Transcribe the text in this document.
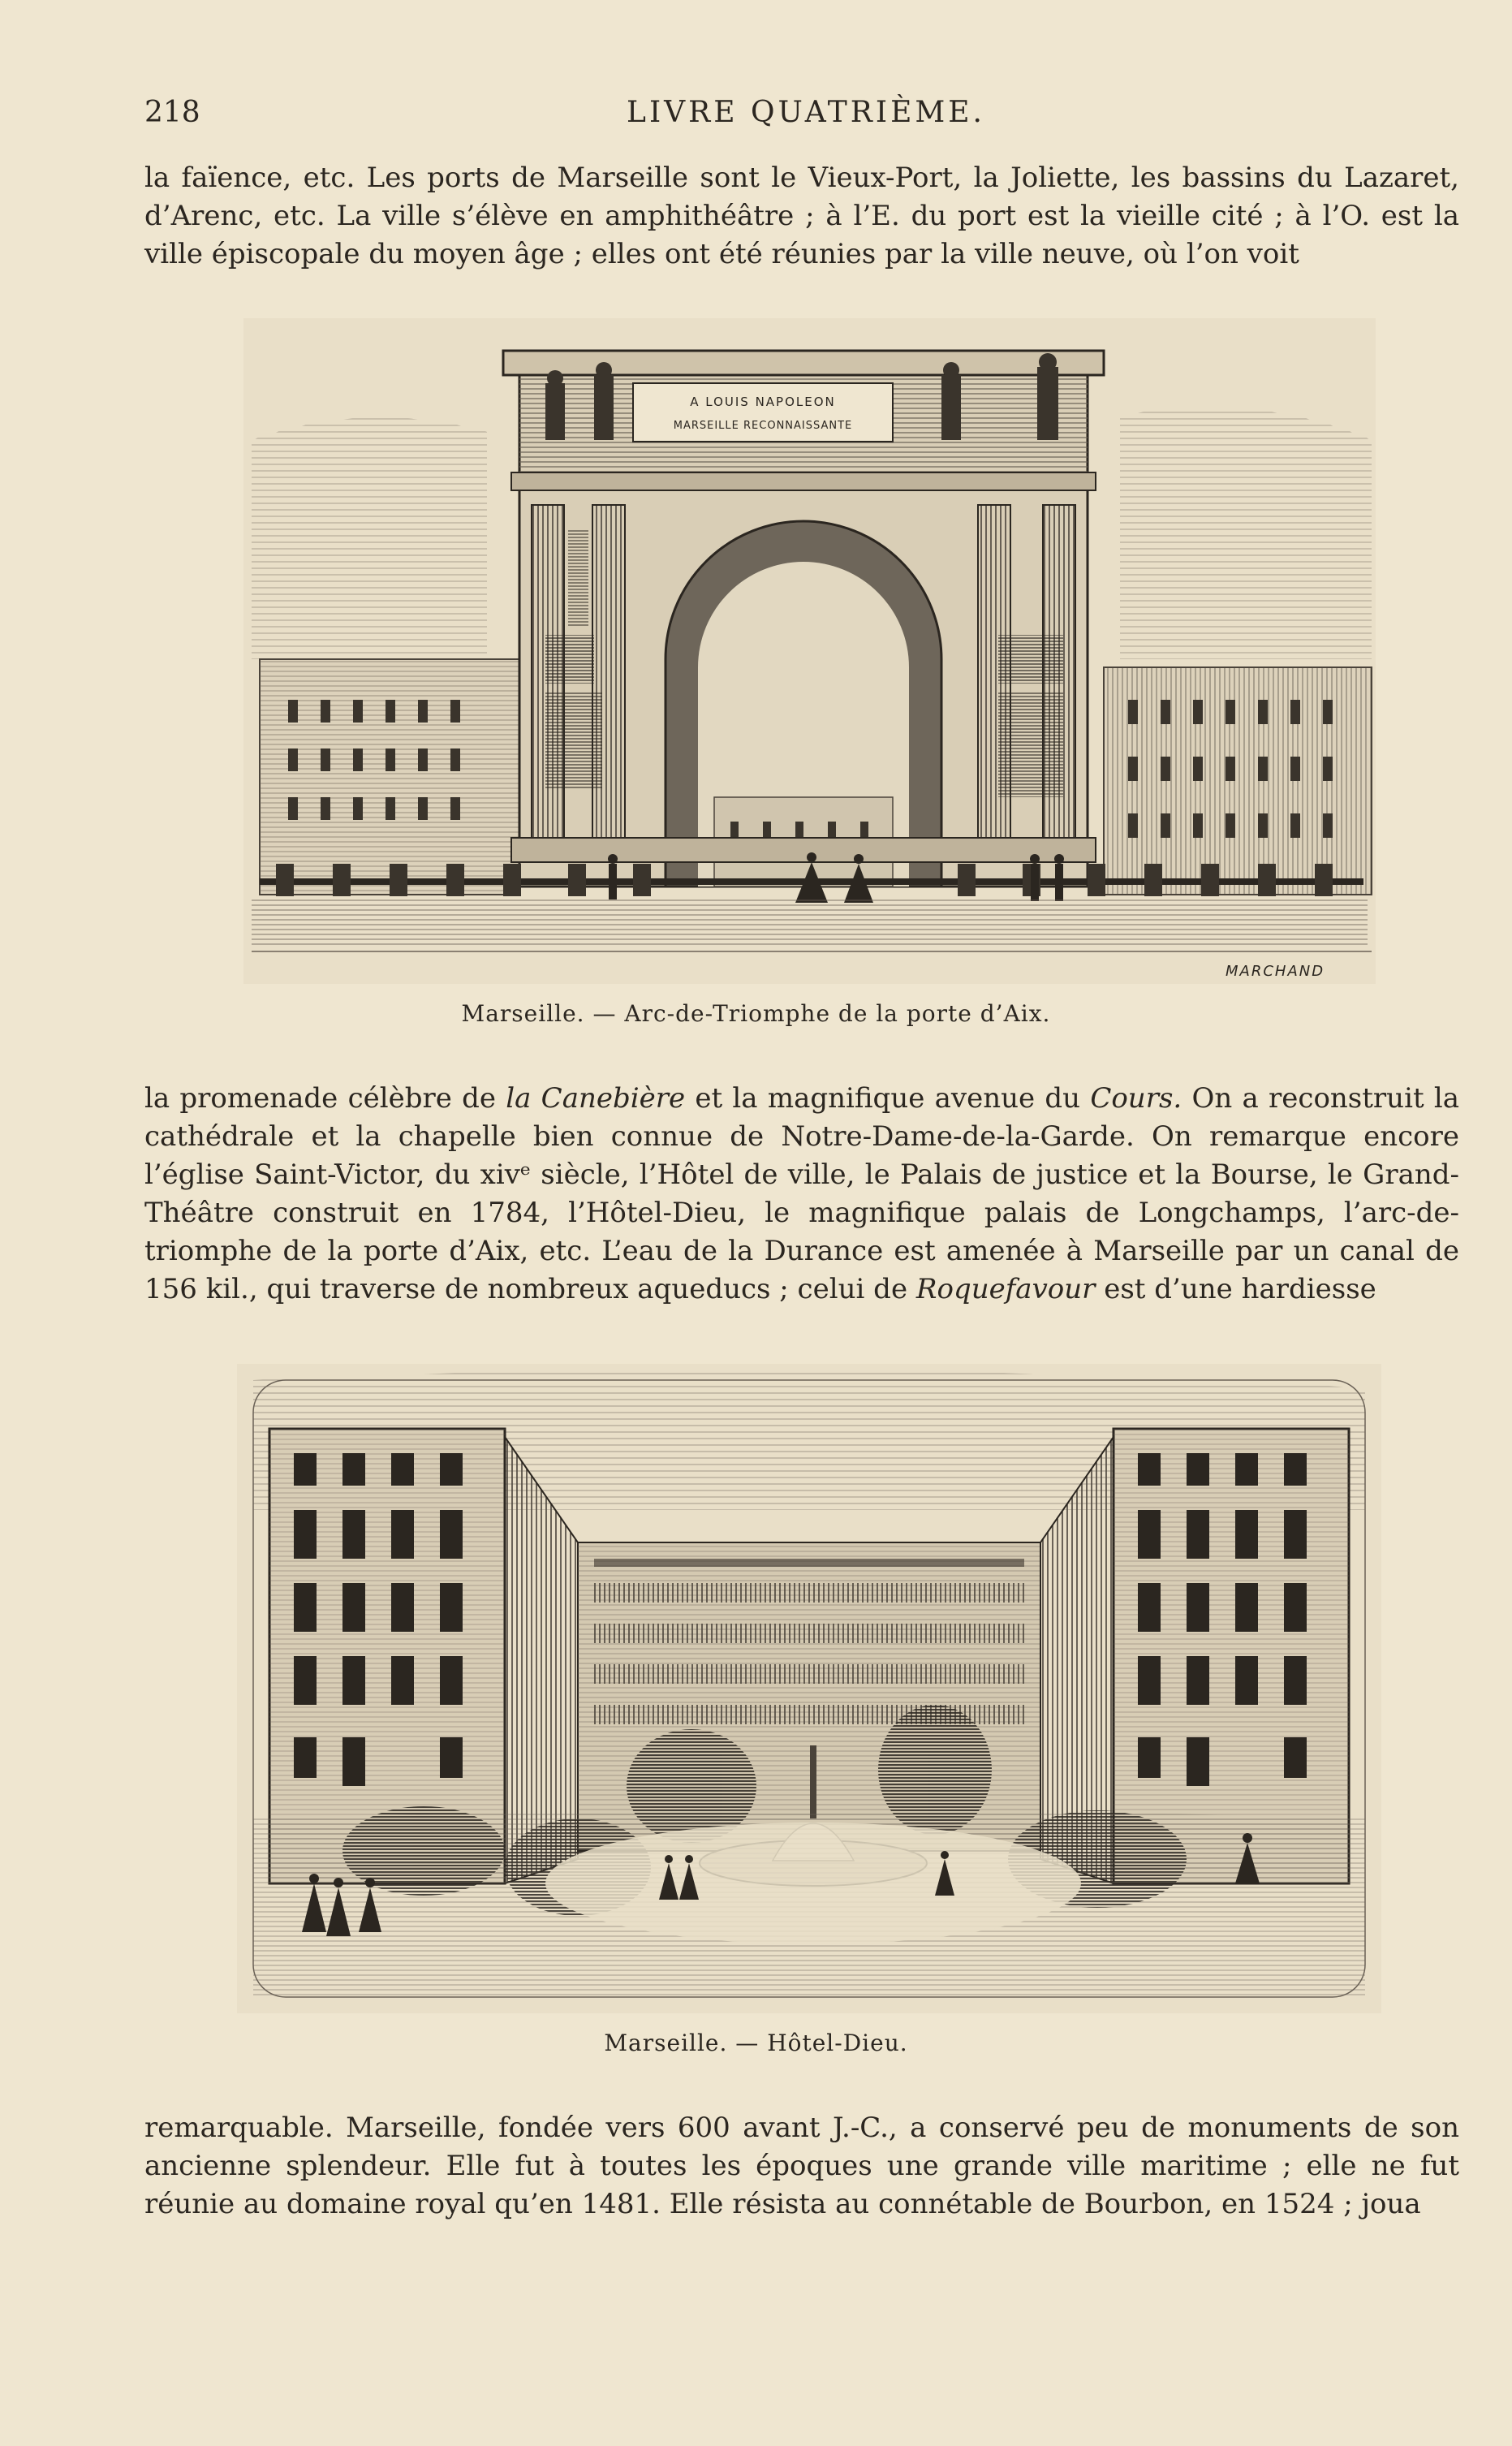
218	LIVRE QUATRIÈME.

la faïence, etc. Les ports de Marseille sont le Vieux-Port, la Joliette, les bassins du Lazaret, d’Arenc, etc. La ville s’élève en amphithéâtre ; à l’E. du port est la vieille cité ; à l’O. est la ville épiscopale du moyen âge ; elles ont été réunies par la ville neuve, où l’on voit

A LOUIS NAPOLEON
MARSEILLE RECONNAISSANTE
MARCHAND
Marseille. — Arc-de-Triomphe de la porte d’Aix.

la promenade célèbre de la Canebière et la magnifique avenue du Cours. On a reconstruit la cathédrale et la chapelle bien connue de Notre-Dame-de-la-Garde. On remarque encore l’église Saint-Victor, du xivᵉ siècle, l’Hôtel de ville, le Palais de justice et la Bourse, le Grand-Théâtre construit en 1784, l’Hôtel-Dieu, le magnifique palais de Longchamps, l’arc-de-triomphe de la porte d’Aix, etc. L’eau de la Durance est amenée à Marseille par un canal de 156 kil., qui traverse de nombreux aqueducs ; celui de Roquefavour est d’une hardiesse

Marseille. — Hôtel-Dieu.

remarquable. Marseille, fondée vers 600 avant J.-C., a conservé peu de monuments de son ancienne splendeur. Elle fut à toutes les époques une grande ville maritime ; elle ne fut réunie au domaine royal qu’en 1481. Elle résista au connétable de Bourbon, en 1524 ; joua
